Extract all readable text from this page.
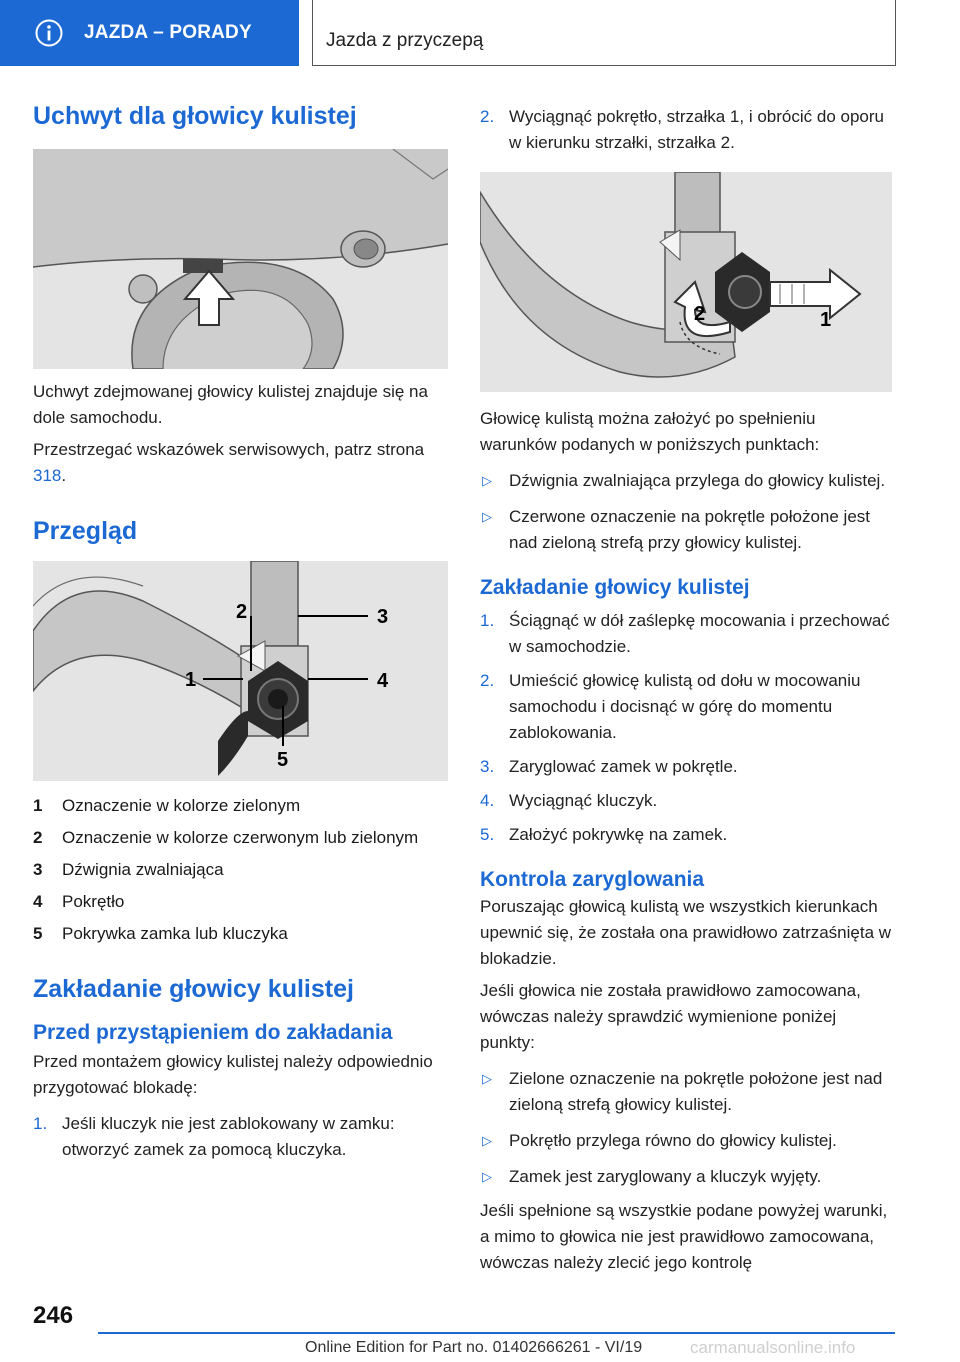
JAZDA – PORADY	Jazda z przyczepą
Uchwyt dla głowicy kulistej

Uchwyt zdejmowanej głowicy kulistej znajduje się na dole samochodu.

Przestrzegać wskazówek serwisowych, patrz strona 318.

Przegląd
1
2	3
4
5
1 Oznaczenie w kolorze zielonym
2 Oznaczenie w kolorze czerwonym lub zielonym
3 Dźwignia zwalniająca
4 Pokrętło
5 Pokrywka zamka lub kluczyka
Zakładanie głowicy kulistej
Przed przystąpieniem do zakładania

Przed montażem głowicy kulistej należy odpowiednio przygotować blokadę:

1. Jeśli kluczyk nie jest zablokowany w zamku: otworzyć zamek za pomocą kluczyka.
2. Wyciągnąć pokrętło, strzałka 1, i obrócić do oporu w kierunku strzałki, strzałka 2.
2	1

Głowicę kulistą można założyć po spełnieniu warunków podanych w poniższych punktach:

▷ Dźwignia zwalniająca przylega do głowicy kulistej.
▷ Czerwone oznaczenie na pokrętle położone jest nad zieloną strefą przy głowicy kulistej.
Zakładanie głowicy kulistej
1. Ściągnąć w dół zaślepkę mocowania i przechować w samochodzie.
2. Umieścić głowicę kulistą od dołu w mocowaniu samochodu i docisnąć w górę do momentu zablokowania.
3. Zaryglować zamek w pokrętle.
4. Wyciągnąć kluczyk.
5. Założyć pokrywkę na zamek.
Kontrola zaryglowania

Poruszając głowicą kulistą we wszystkich kierunkach upewnić się, że została ona prawidłowo zatrzaśnięta w blokadzie.

Jeśli głowica nie została prawidłowo zamocowana, wówczas należy sprawdzić wymienione poniżej punkty:

▷ Zielone oznaczenie na pokrętle położone jest nad zieloną strefą głowicy kulistej.
▷ Pokrętło przylega równo do głowicy kulistej.
▷ Zamek jest zaryglowany a kluczyk wyjęty.

Jeśli spełnione są wszystkie podane powyżej warunki, a mimo to głowica nie jest prawidłowo zamocowana, wówczas należy zlecić jego kontrolę

246
Online Edition for Part no. 01402666261 - VI/19	carmanualsonline.info
